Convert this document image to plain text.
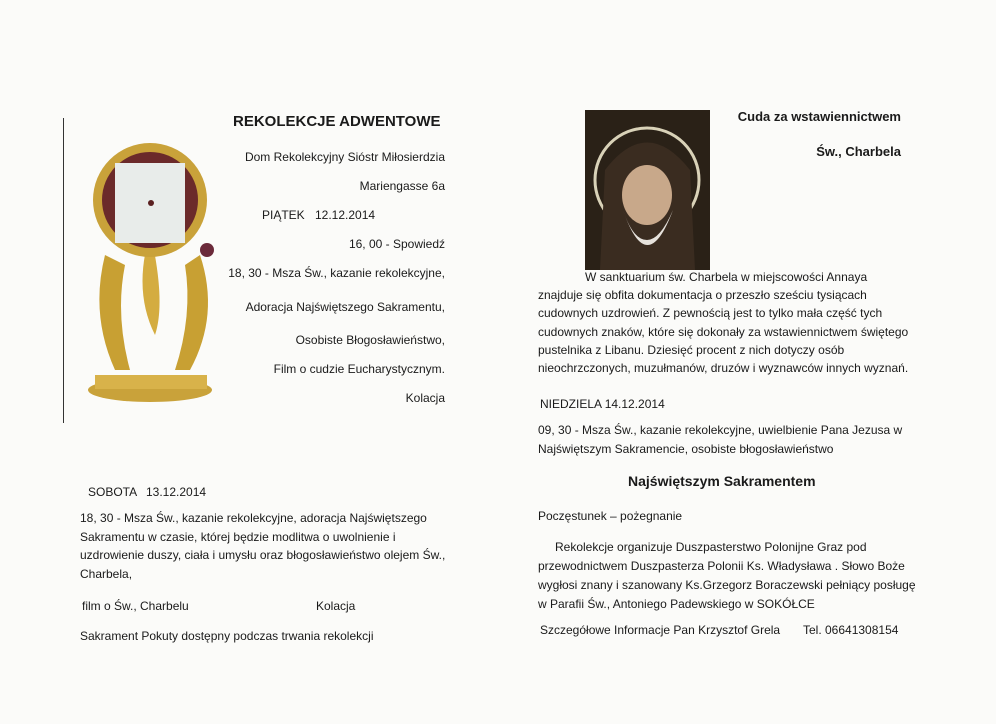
REKOLEKCJE ADWENTOWE
Dom Rekolekcyjny Sióstr Miłosierdzia
Mariengasse 6a
PIĄTEK 12.12.2014
16, 00 - Spowiedź
18, 30 - Msza Św., kazanie rekolekcyjne,
Adoracja Najświętszego Sakramentu,
Osobiste Błogosławieństwo,
Film o cudzie Eucharystycznym.
Kolacja
SOBOTA 13.12.2014
18, 30 - Msza Św., kazanie rekolekcyjne, adoracja Najświętszego
Sakramentu w czasie, której będzie modlitwa o uwolnienie i
uzdrowienie duszy, ciała i umysłu oraz błogosławieństwo olejem Św.,
Charbela,
film o Św., Charbelu	Kolacja
Sakrament Pokuty dostępny podczas trwania rekolekcji
Cuda za wstawiennictwem
Św., Charbela
W sanktuarium św. Charbela w miejscowości Annaya
znajduje się obfita dokumentacja o przeszło sześciu tysiącach
cudownych uzdrowień. Z pewnością jest to tylko mała część tych
cudownych znaków, które się dokonały za wstawiennictwem świętego
pustelnika z Libanu. Dziesięć procent z nich dotyczy osób
nieochrzczonych, muzułmanów, druzów i wyznawców innych wyznań.
NIEDZIELA 14.12.2014
09, 30 - Msza Św., kazanie rekolekcyjne, uwielbienie Pana Jezusa w
Najświętszym Sakramencie, osobiste błogosławieństwo
Najświętszym Sakramentem
Poczęstunek – pożegnanie
Rekolekcje organizuje Duszpasterstwo Polonijne Graz pod
przewodnictwem Duszpasterza Polonii Ks. Władysława . Słowo Boże
wygłosi znany i szanowany Ks.Grzegorz Boraczewski pełniący posługę
w Parafii Św., Antoniego Padewskiego w SOKÓŁCE
Szczegółowe Informacje Pan Krzysztof Grela Tel. 06641308154
